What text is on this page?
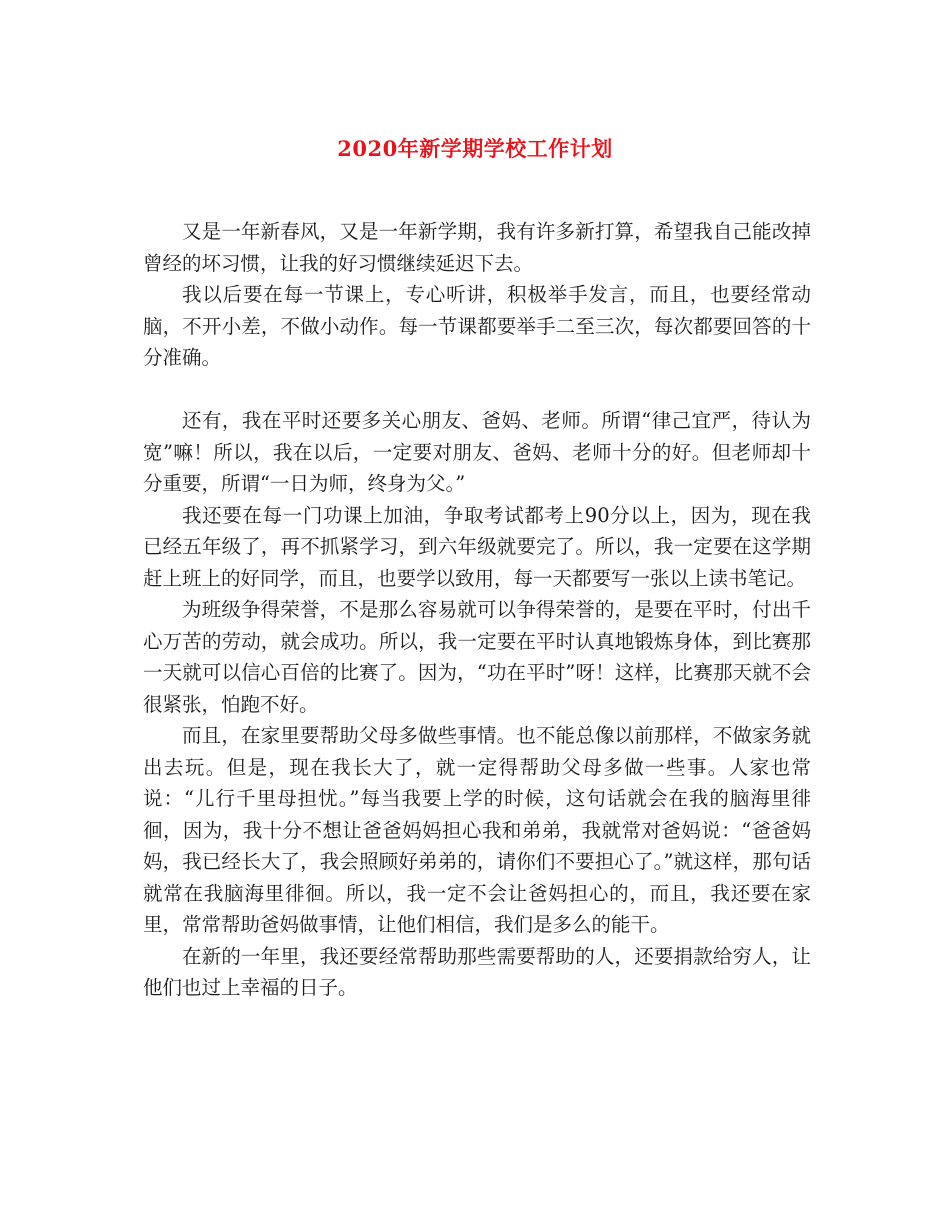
2020年新学期学校工作计划

又是一年新春风，又是一年新学期，我有许多新打算，希望我自己能改掉曾经的坏习惯，让我的好习惯继续延迟下去。

我以后要在每一节课上，专心听讲，积极举手发言，而且，也要经常动脑，不开小差，不做小动作。每一节课都要举手二至三次，每次都要回答的十分准确。

还有，我在平时还要多关心朋友、爸妈、老师。所谓“律己宜严，待认为宽”嘛！所以，我在以后，一定要对朋友、爸妈、老师十分的好。但老师却十分重要，所谓“一日为师，终身为父。”

我还要在每一门功课上加油，争取考试都考上90分以上，因为，现在我已经五年级了，再不抓紧学习，到六年级就要完了。所以，我一定要在这学期赶上班上的好同学，而且，也要学以致用，每一天都要写一张以上读书笔记。

为班级争得荣誉，不是那么容易就可以争得荣誉的，是要在平时，付出千心万苦的劳动，就会成功。所以，我一定要在平时认真地锻炼身体，到比赛那一天就可以信心百倍的比赛了。因为，“功在平时”呀！这样，比赛那天就不会很紧张，怕跑不好。

而且，在家里要帮助父母多做些事情。也不能总像以前那样，不做家务就出去玩。但是，现在我长大了，就一定得帮助父母多做一些事。人家也常说：“儿行千里母担忧。”每当我要上学的时候，这句话就会在我的脑海里徘徊，因为，我十分不想让爸爸妈妈担心我和弟弟，我就常对爸妈说：“爸爸妈妈，我已经长大了，我会照顾好弟弟的，请你们不要担心了。”就这样，那句话就常在我脑海里徘徊。所以，我一定不会让爸妈担心的，而且，我还要在家里，常常帮助爸妈做事情，让他们相信，我们是多么的能干。

在新的一年里，我还要经常帮助那些需要帮助的人，还要捐款给穷人，让他们也过上幸福的日子。
